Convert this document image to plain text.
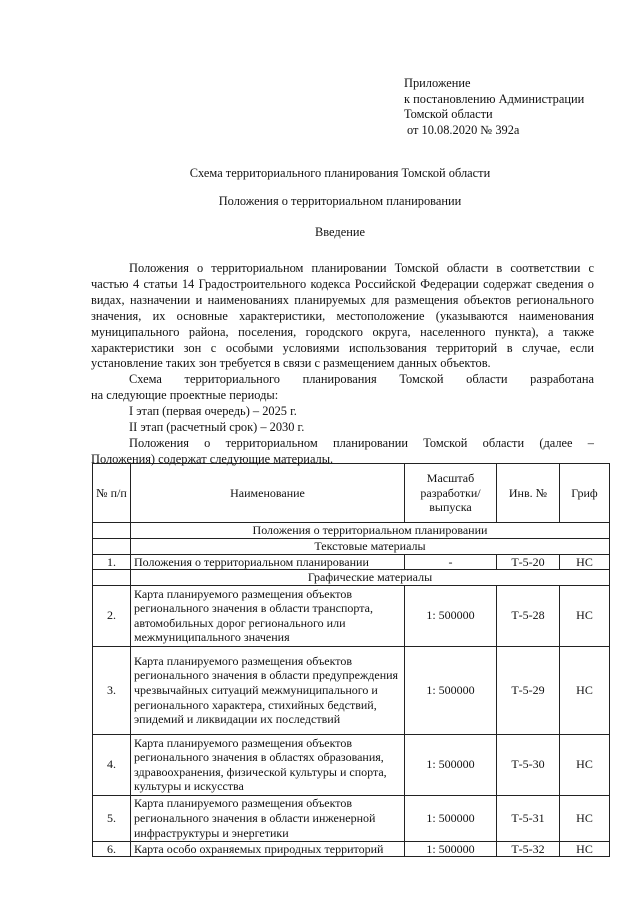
Приложение
к постановлению Администрации
Томской области
от 10.08.2020 № 392а
Схема территориального планирования Томской области
Положения о территориальном планировании
Введение
Положения о территориальном планировании Томской области в соответствии с частью 4 статьи 14 Градостроительного кодекса Российской Федерации содержат сведения о видах, назначении и наименованиях планируемых для размещения объектов регионального значения, их основные характеристики, местоположение (указываются наименования муниципального района, поселения, городского округа, населенного пункта), а также характеристики зон с особыми условиями использования территорий в случае, если установление таких зон требуется в связи с размещением данных объектов.
Схема территориального планирования Томской области разработана
на следующие проектные периоды:
I этап (первая очередь) – 2025 г.
II этап (расчетный срок) – 2030 г.
Положения о территориальном планировании Томской области (далее –
Положения) содержат следующие материалы.
№ п/п	Наименование	Масштаб разработки/ выпуска	Инв. №	Гриф
	Положения о территориальном планировании			
	Текстовые материалы			
1.	Положения о территориальном планировании	-	Т-5-20	НС
	Графические материалы			
2.	Карта планируемого размещения объектов регионального значения в области транспорта, автомобильных дорог регионального или межмуниципального значения	1: 500000	Т-5-28	НС
3.	Карта планируемого размещения объектов регионального значения в области предупреждения чрезвычайных ситуаций межмуниципального и регионального характера, стихийных бедствий, эпидемий и ликвидации их последствий	1: 500000	Т-5-29	НС
4.	Карта планируемого размещения объектов регионального значения в областях образования, здравоохранения, физической культуры и спорта, культуры и искусства	1: 500000	Т-5-30	НС
5.	Карта планируемого размещения объектов регионального значения в области инженерной инфраструктуры и энергетики	1: 500000	Т-5-31	НС
6.	Карта особо охраняемых природных территорий	1: 500000	Т-5-32	НС
